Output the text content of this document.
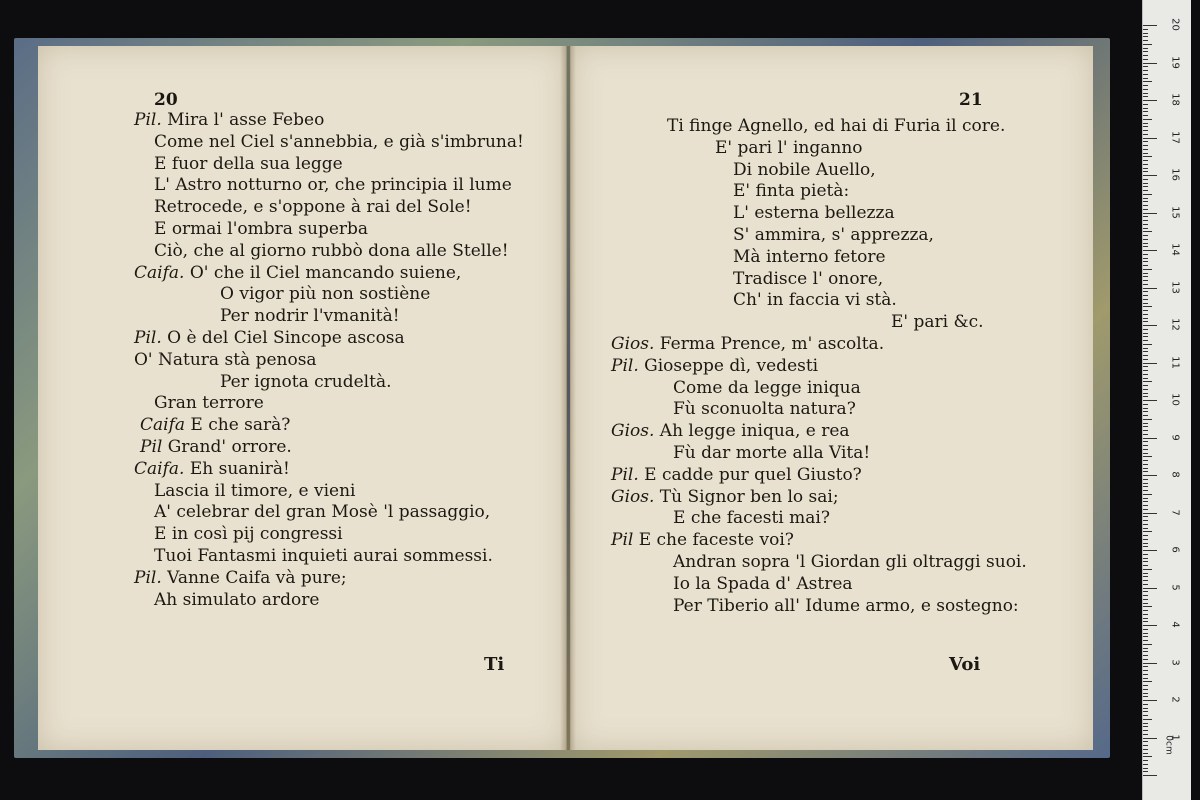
20
Pil. Mira l' asse Febeo
Come nel Ciel s'annebbia, e già s'imbruna!
E fuor della sua legge
L' Astro notturno or, che principia il lume
Retrocede, e s'oppone à rai del Sole!
E ormai l'ombra superba
Ciò, che al giorno rubbò dona alle Stelle!
Caifa. O' che il Ciel mancando suiene,
O vigor più non sostiène
Per nodrir l'vmanità!
Pil. O è del Ciel Sincope ascosa
O' Natura stà penosa
Per ignota crudeltà.
Gran terrore
Caifa E che sarà?
Pil Grand' orrore.
Caifa. Eh suanirà!
Lascia il timore, e vieni
A' celebrar del gran Mosè 'l passaggio,
E in così pij congressi
Tuoi Fantasmi inquieti aurai sommessi.
Pil. Vanne Caifa và pure;
Ah simulato ardore
Ti
21
Ti finge Agnello, ed hai di Furia il core.
E' pari l' inganno
Di nobile Auello,
E' finta pietà:
L' esterna bellezza
S' ammira, s' apprezza,
Mà interno fetore
Tradisce l' onore,
Ch' in faccia vi stà.
E' pari &c.
Gios. Ferma Prence, m' ascolta.
Pil. Gioseppe dì, vedesti
Come da legge iniqua
Fù sconuolta natura?
Gios. Ah legge iniqua, e rea
Fù dar morte alla Vita!
Pil. E cadde pur quel Giusto?
Gios. Tù Signor ben lo sai;
E che facesti mai?
Pil E che faceste voi?
Andran sopra 'l Giordan gli oltraggi suoi.
Io la Spada d' Astrea
Per Tiberio all' Idume armo, e sostegno:
Voi
0cm
20
19
18
17
16
15
14
13
12
11
10
9
8
7
6
5
4
3
2
1
